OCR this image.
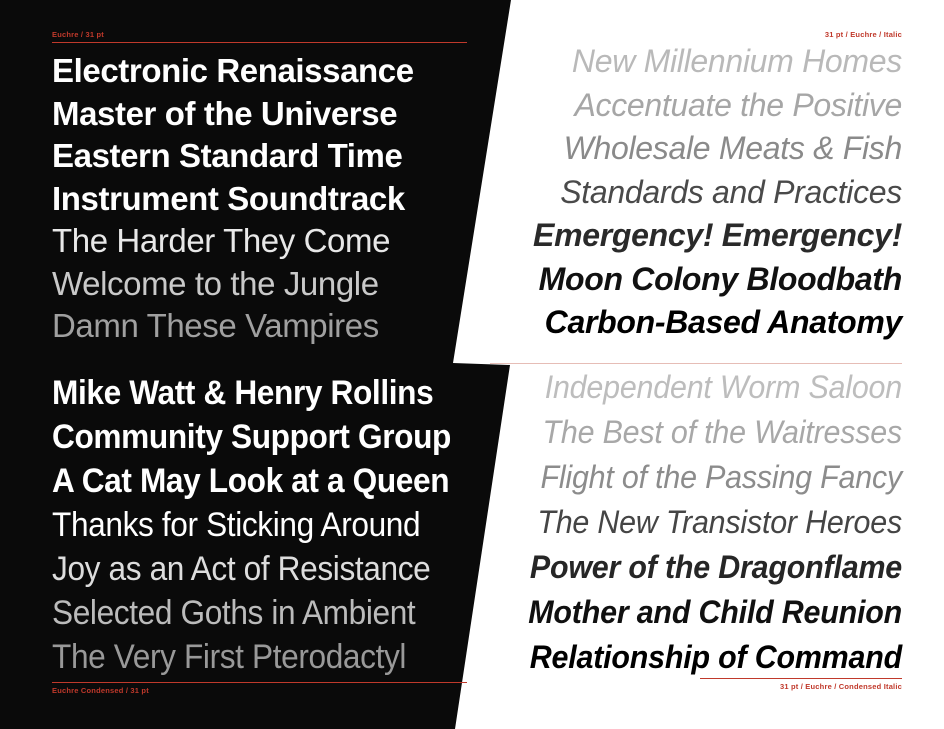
Euchre / 31 pt
Electronic Renaissance
Master of the Universe
Eastern Standard Time
Instrument Soundtrack
The Harder They Come
Welcome to the Jungle
Damn These Vampires
Mike Watt & Henry Rollins
Community Support Group
A Cat May Look at a Queen
Thanks for Sticking Around
Joy as an Act of Resistance
Selected Goths in Ambient
The Very First Pterodactyl
Euchre Condensed / 31 pt
31 pt / Euchre / Italic
New Millennium Homes
Accentuate the Positive
Wholesale Meats & Fish
Standards and Practices
Emergency! Emergency!
Moon Colony Bloodbath
Carbon-Based Anatomy
Independent Worm Saloon
The Best of the Waitresses
Flight of the Passing Fancy
The New Transistor Heroes
Power of the Dragonflame
Mother and Child Reunion
Relationship of Command
31 pt / Euchre / Condensed Italic
